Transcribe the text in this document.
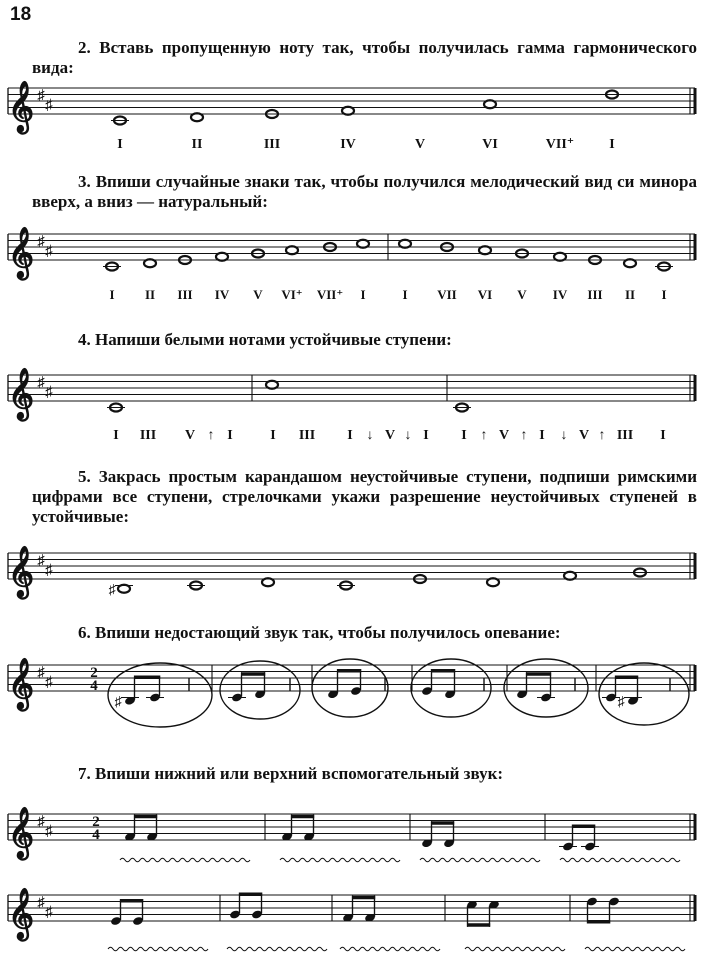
18
2. Вставь пропущенную ноту так, чтобы получилась гамма гармонического вида:
3. Впиши случайные знаки так, чтобы получился мелодический вид си минора вверх, а вниз — натуральный:
4. Напиши белыми нотами устойчивые ступени:
5. Закрась простым карандашом неустойчивые ступени, подпиши римскими цифрами все ступени, стрелочками укажи разрешение неустойчивых ступеней в устойчивые:
6. Впиши недостающий звук так, чтобы получилось опевание:
7. Впиши нижний или верхний вспомогательный звук:
𝄞 ♯
♯
I	II	III	IV	V	VI	VII⁺	I
𝄞 ♯
♯
I II III IV V VI⁺ VII⁺ I	I VII VI V IV III II I
𝄞 ♯
♯
I III V ↑ I	I III I ↓ V ↓ I I ↑ V ↑ I ↓ V ↑ III I
𝄞 ♯
♯
♯
𝄞 ♯
♯
2
4
♯	♯
𝄞 ♯
♯
2
4
𝄞 ♯
♯
